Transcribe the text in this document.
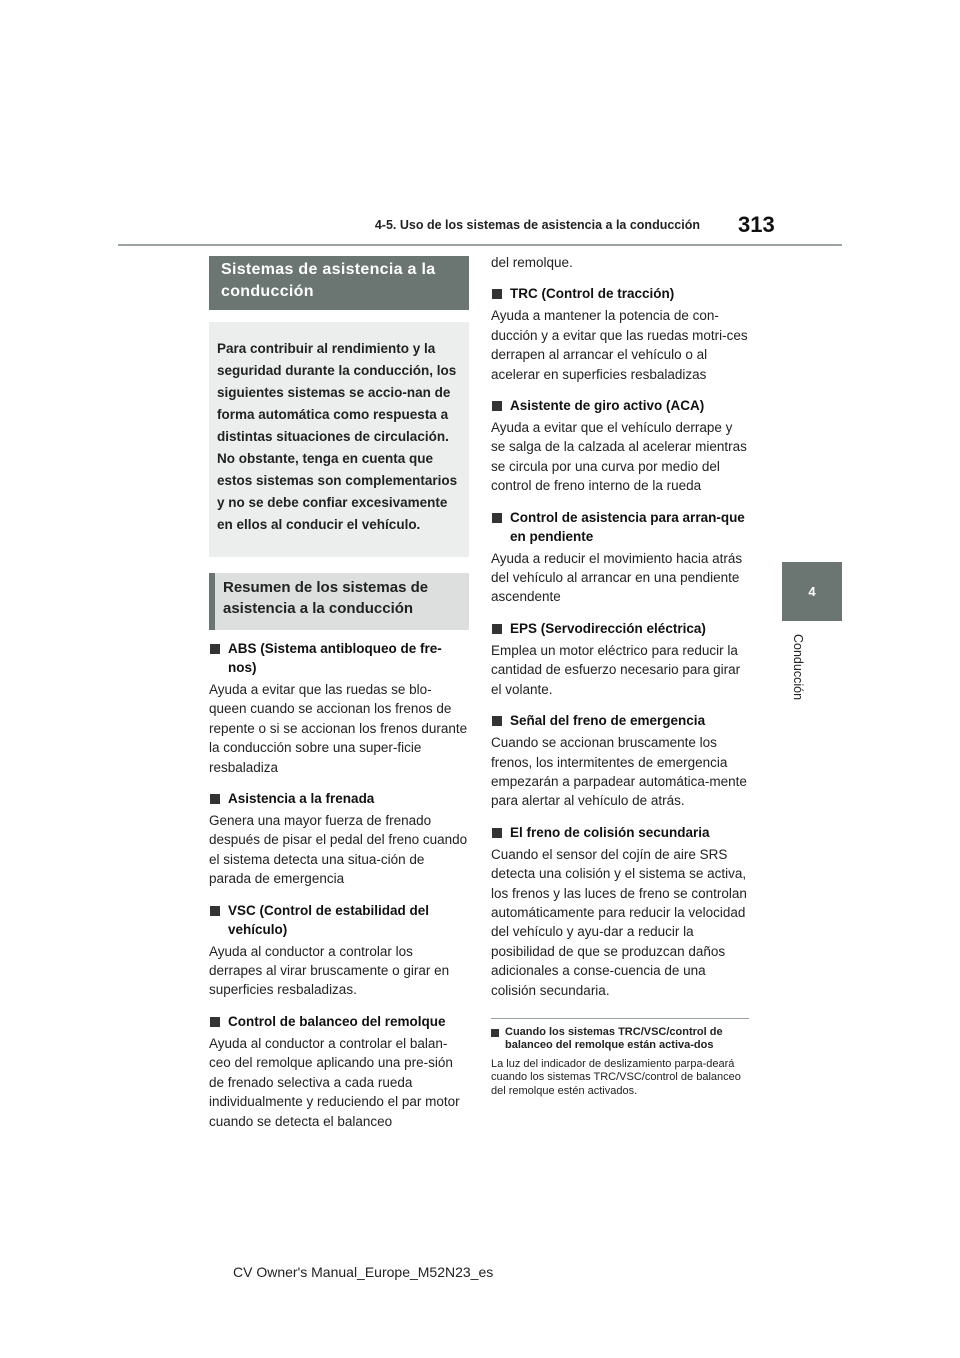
4-5. Uso de los sistemas de asistencia a la conducción 313
4
Conducción
Sistemas de asistencia a la conducción
Para contribuir al rendimiento y la seguridad durante la conducción, los siguientes sistemas se accio-nan de forma automática como respuesta a distintas situaciones de circulación. No obstante, tenga en cuenta que estos sistemas son complementarios y no se debe confiar excesivamente en ellos al conducir el vehículo.
Resumen de los sistemas de asistencia a la conducción
ABS (Sistema antibloqueo de fre-nos)
Ayuda a evitar que las ruedas se blo-queen cuando se accionan los frenos de repente o si se accionan los frenos durante la conducción sobre una super-ficie resbaladiza
Asistencia a la frenada
Genera una mayor fuerza de frenado después de pisar el pedal del freno cuando el sistema detecta una situa-ción de parada de emergencia
VSC (Control de estabilidad del vehículo)
Ayuda al conductor a controlar los derrapes al virar bruscamente o girar en superficies resbaladizas.
Control de balanceo del remolque
Ayuda al conductor a controlar el balan-ceo del remolque aplicando una pre-sión de frenado selectiva a cada rueda individualmente y reduciendo el par motor cuando se detecta el balanceo
del remolque.
TRC (Control de tracción)
Ayuda a mantener la potencia de con-ducción y a evitar que las ruedas motri-ces derrapen al arrancar el vehículo o al acelerar en superficies resbaladizas
Asistente de giro activo (ACA)
Ayuda a evitar que el vehículo derrape y se salga de la calzada al acelerar mientras se circula por una curva por medio del control de freno interno de la rueda
Control de asistencia para arran-que en pendiente
Ayuda a reducir el movimiento hacia atrás del vehículo al arrancar en una pendiente ascendente
EPS (Servodirección eléctrica)
Emplea un motor eléctrico para reducir la cantidad de esfuerzo necesario para girar el volante.
Señal del freno de emergencia
Cuando se accionan bruscamente los frenos, los intermitentes de emergencia empezarán a parpadear automática-mente para alertar al vehículo de atrás.
El freno de colisión secundaria
Cuando el sensor del cojín de aire SRS detecta una colisión y el sistema se activa, los frenos y las luces de freno se controlan automáticamente para reducir la velocidad del vehículo y ayu-dar a reducir la posibilidad de que se produzcan daños adicionales a conse-cuencia de una colisión secundaria.
Cuando los sistemas TRC/VSC/control de balanceo del remolque están activa-dos
La luz del indicador de deslizamiento parpa-deará cuando los sistemas TRC/VSC/control de balanceo del remolque estén activados.
CV Owner's Manual_Europe_M52N23_es
